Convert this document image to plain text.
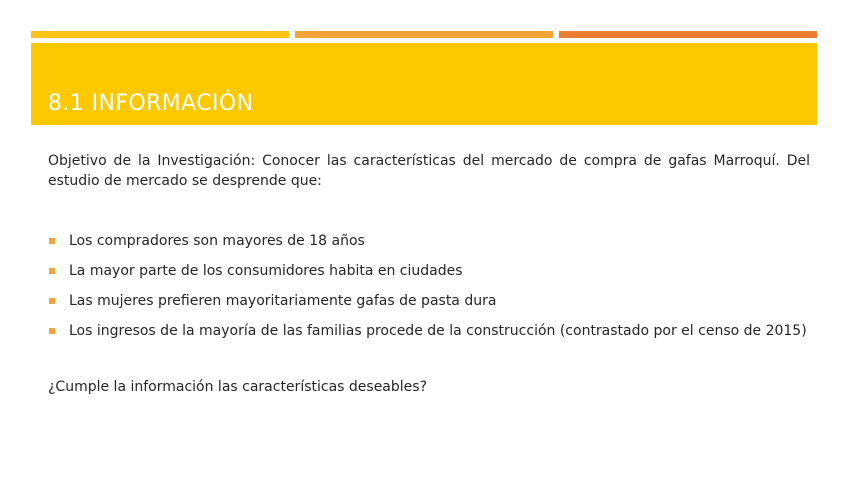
8.1 INFORMACIÓN

Objetivo de la Investigación: Conocer las características del mercado de compra de gafas Marroquí. Del estudio de mercado se desprende que:

Los compradores son mayores de 18 años
La mayor parte de los consumidores habita en ciudades
Las mujeres prefieren mayoritariamente gafas de pasta dura
Los ingresos de la mayoría de las familias procede de la construcción (contrastado por el censo de 2015)

¿Cumple la información las características deseables?
